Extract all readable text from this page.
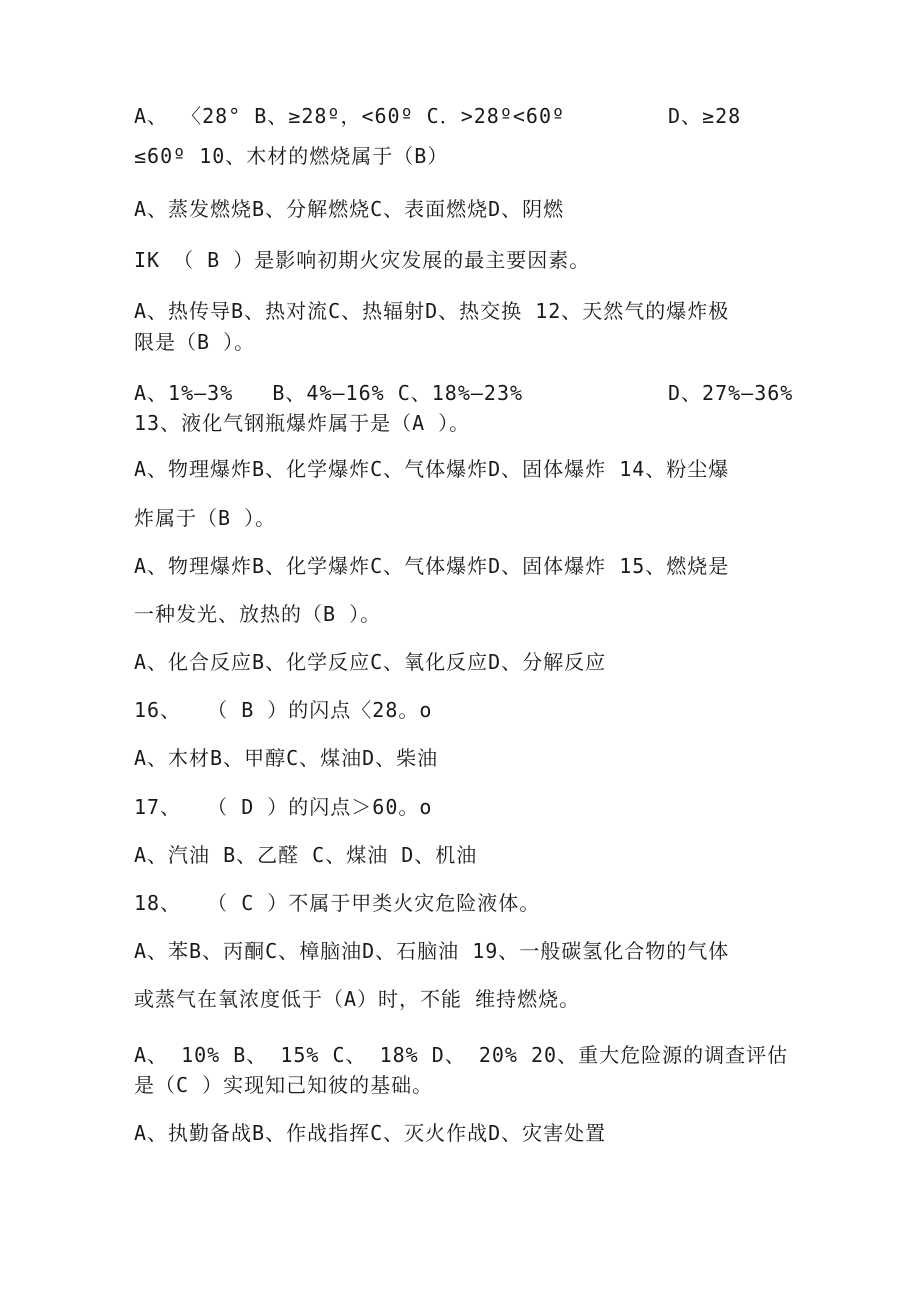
A、 〈28° B、≥28º，<60º C．>28º<60º	D、≥28
≤60º 10、木材的燃烧属于（B）
A、蒸发燃烧B、分解燃烧C、表面燃烧D、阴燃
IK （ B ）是影响初期火灾发展的最主要因素。
A、热传导B、热对流C、热辐射D、热交换 12、天然气的爆炸极
限是（B ）。
A、1%—3%   B、4%—16% C、18%—23%	D、27%—36%
13、液化气钢瓶爆炸属于是（A ）。
A、物理爆炸B、化学爆炸C、气体爆炸D、固体爆炸 14、粉尘爆
炸属于（B ）。
A、物理爆炸B、化学爆炸C、气体爆炸D、固体爆炸 15、燃烧是
一种发光、放热的（B ）。
A、化合反应B、化学反应C、氧化反应D、分解反应
16、  （ B ）的闪点〈28。o
A、木材B、甲醇C、煤油D、柴油
17、  （ D ）的闪点＞60。o
A、汽油 B、乙醛 C、煤油 D、机油
18、  （ C ）不属于甲类火灾危险液体。
A、苯B、丙酮C、樟脑油D、石脑油 19、一般碳氢化合物的气体
或蒸气在氧浓度低于（A）时，不能 维持燃烧。
A、 10% B、 15% C、 18% D、 20% 20、重大危险源的调查评估
是（C ）实现知己知彼的基础。
A、执勤备战B、作战指挥C、灭火作战D、灾害处置
